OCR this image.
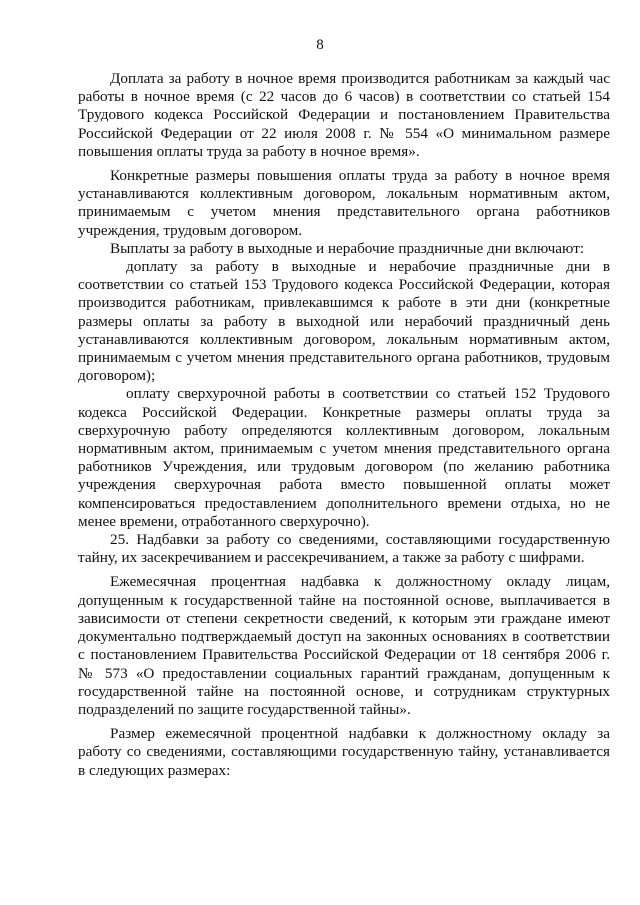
8

Доплата за работу в ночное время производится работникам за каждый час работы в ночное время (с 22 часов до 6 часов) в соответствии со статьей 154 Трудового кодекса Российской Федерации и постановлением Правительства Российской Федерации от 22 июля 2008 г. № 554 «О минимальном размере повышения оплаты труда за работу в ночное время».

Конкретные размеры повышения оплаты труда за работу в ночное время устанавливаются коллективным договором, локальным нормативным актом, принимаемым с учетом мнения представительного органа работников учреждения, трудовым договором.

Выплаты за работу в выходные и нерабочие праздничные дни включают:

доплату за работу в выходные и нерабочие праздничные дни в соответствии со статьей 153 Трудового кодекса Российской Федерации, которая производится работникам, привлекавшимся к работе в эти дни (конкретные размеры оплаты за работу в выходной или нерабочий праздничный день устанавливаются коллективным договором, локальным нормативным актом, принимаемым с учетом мнения представительного органа работников, трудовым договором);

оплату сверхурочной работы в соответствии со статьей 152 Трудового кодекса Российской Федерации. Конкретные размеры оплаты труда за сверхурочную работу определяются коллективным договором, локальным нормативным актом, принимаемым с учетом мнения представительного органа работников Учреждения, или трудовым договором (по желанию работника учреждения сверхурочная работа вместо повышенной оплаты может компенсироваться предоставлением дополнительного времени отдыха, но не менее времени, отработанного сверхурочно).

25. Надбавки за работу со сведениями, составляющими государственную тайну, их засекречиванием и рассекречиванием, а также за работу с шифрами.

Ежемесячная процентная надбавка к должностному окладу лицам, допущенным к государственной тайне на постоянной основе, выплачивается в зависимости от степени секретности сведений, к которым эти граждане имеют документально подтверждаемый доступ на законных основаниях в соответствии с постановлением Правительства Российской Федерации от 18 сентября 2006 г. № 573 «О предоставлении социальных гарантий гражданам, допущенным к государственной тайне на постоянной основе, и сотрудникам структурных подразделений по защите государственной тайны».

Размер ежемесячной процентной надбавки к должностному окладу за работу со сведениями, составляющими государственную тайну, устанавливается в следующих размерах:
